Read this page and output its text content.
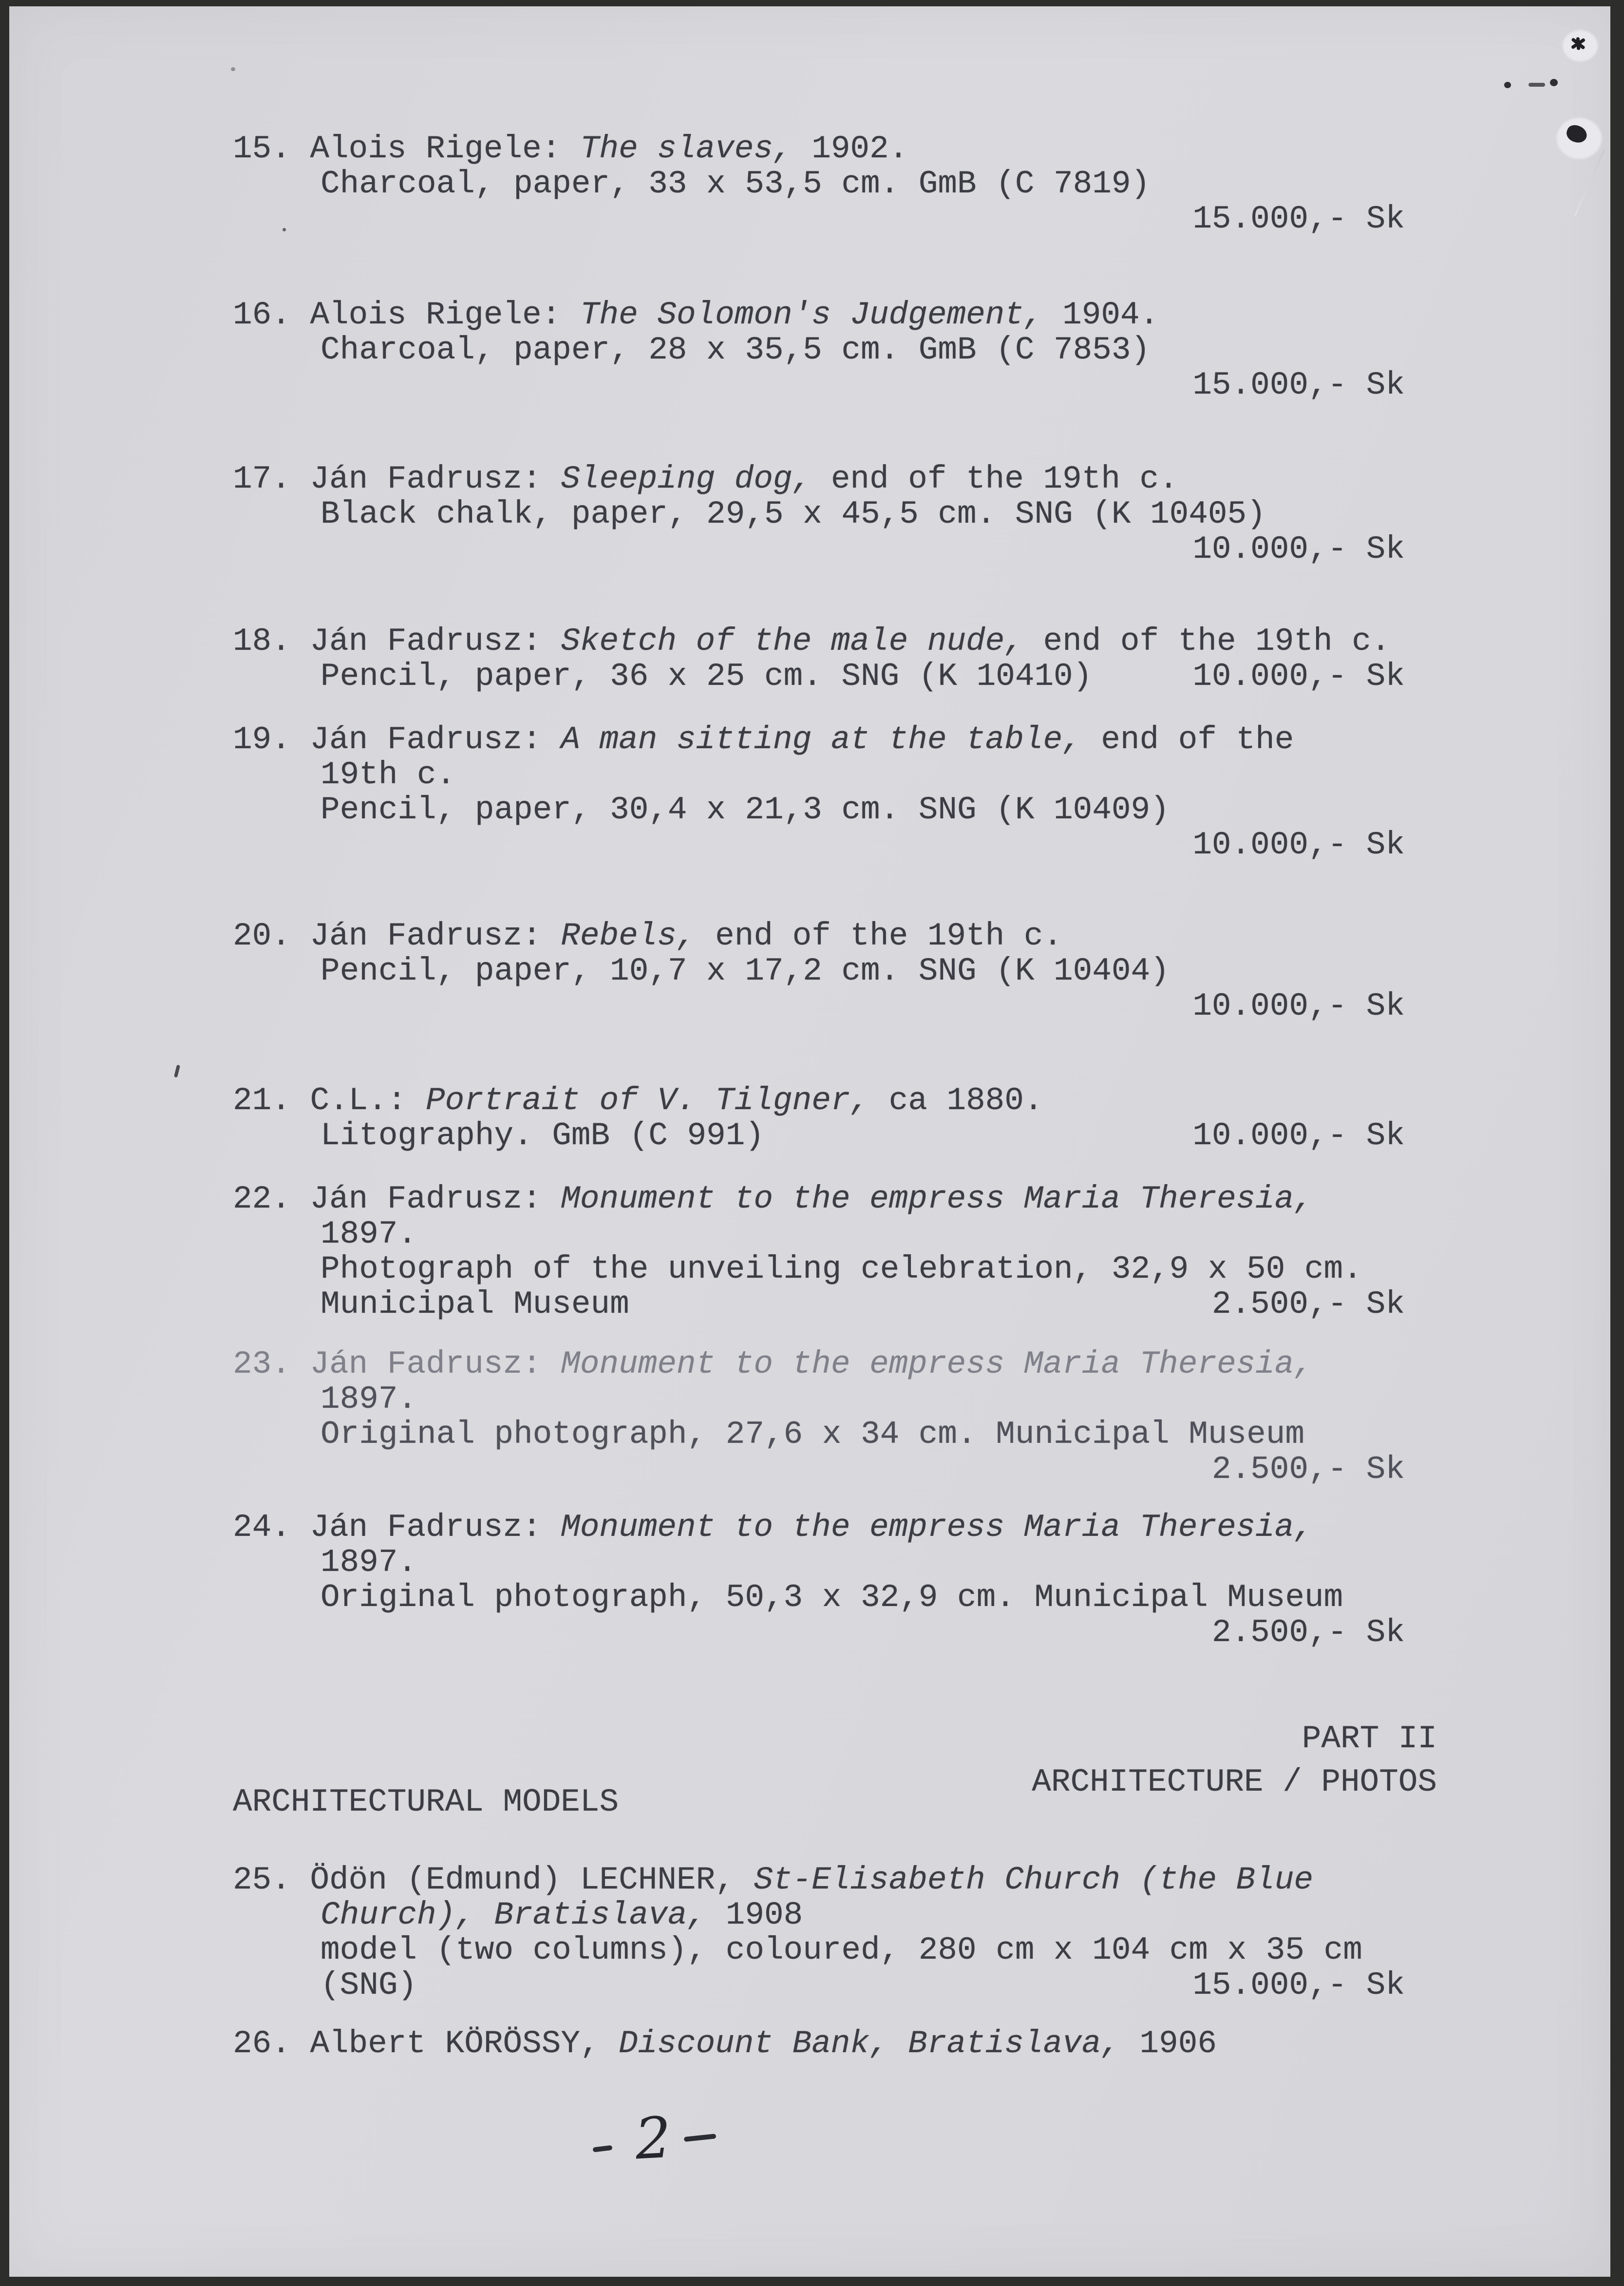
15. Alois Rigele: The slaves, 1902.
Charcoal, paper, 33 x 53,5 cm. GmB (C 7819)
15.000,- Sk
16. Alois Rigele: The Solomon's Judgement, 1904.
Charcoal, paper, 28 x 35,5 cm. GmB (C 7853)
15.000,- Sk
17. Ján Fadrusz: Sleeping dog, end of the 19th c.
Black chalk, paper, 29,5 x 45,5 cm. SNG (K 10405)
10.000,- Sk
18. Ján Fadrusz: Sketch of the male nude, end of the 19th c.
Pencil, paper, 36 x 25 cm. SNG (K 10410)	10.000,- Sk
19. Ján Fadrusz: A man sitting at the table, end of the
19th c.
Pencil, paper, 30,4 x 21,3 cm. SNG (K 10409)
10.000,- Sk
20. Ján Fadrusz: Rebels, end of the 19th c.
Pencil, paper, 10,7 x 17,2 cm. SNG (K 10404)
10.000,- Sk
21. C.L.: Portrait of V. Tilgner, ca 1880.
Litography. GmB (C 991)	10.000,- Sk
22. Ján Fadrusz: Monument to the empress Maria Theresia,
1897.
Photograph of the unveiling celebration, 32,9 x 50 cm.
Municipal Museum	2.500,- Sk
23. Ján Fadrusz: Monument to the empress Maria Theresia,
1897.
Original photograph, 27,6 x 34 cm. Municipal Museum
2.500,- Sk
24. Ján Fadrusz: Monument to the empress Maria Theresia,
1897.
Original photograph, 50,3 x 32,9 cm. Municipal Museum
2.500,- Sk
25. Ödön (Edmund) LECHNER, St-Elisabeth Church (the Blue
Church), Bratislava, 1908
model (two columns), coloured, 280 cm x 104 cm x 35 cm
(SNG)	15.000,- Sk
26. Albert KÖRÖSSY, Discount Bank, Bratislava, 1906
PART II
ARCHITECTURE / PHOTOS
ARCHITECTURAL MODELS
2
